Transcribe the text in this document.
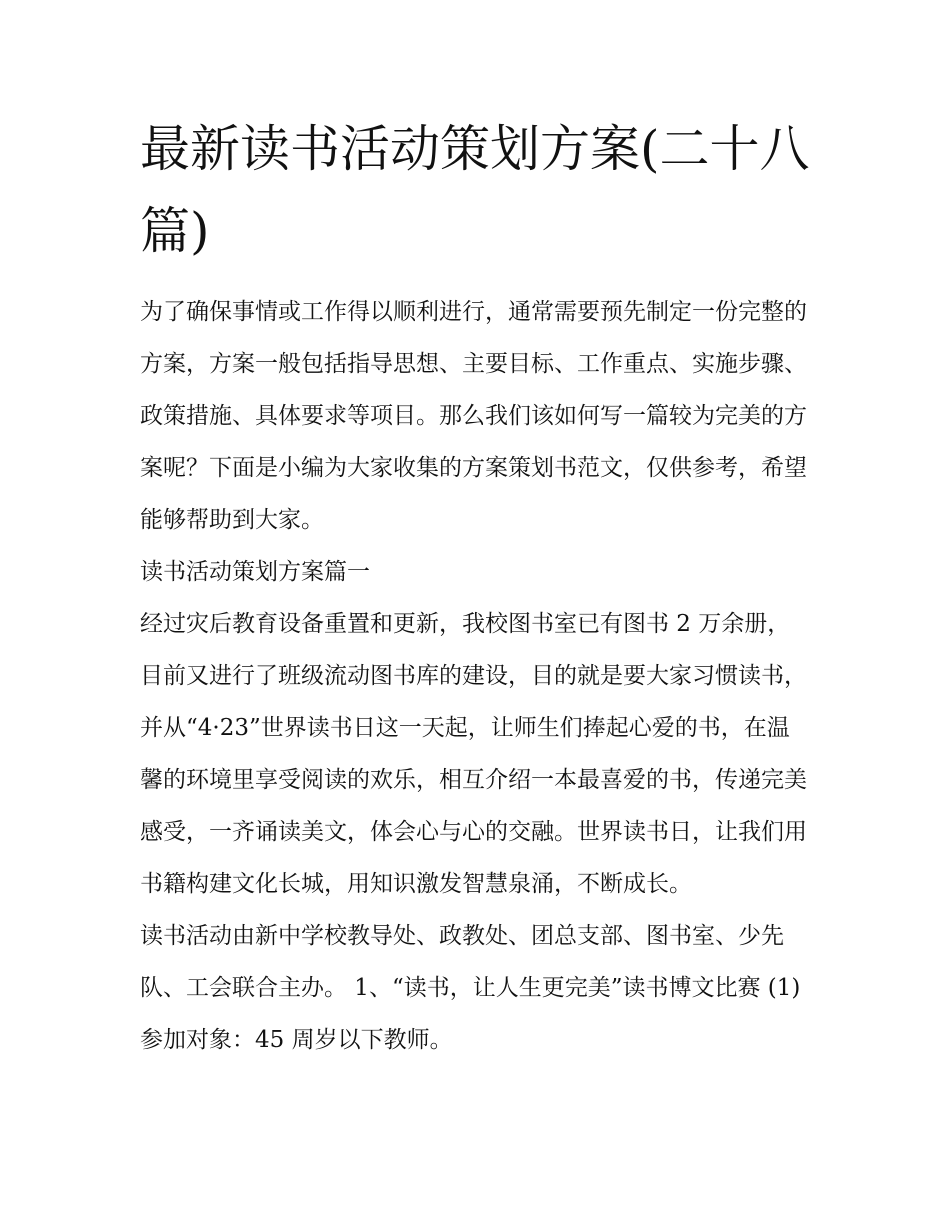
最新读书活动策划方案(二十八篇)

为了确保事情或工作得以顺利进行，通常需要预先制定一份完整的方案，方案一般包括指导思想、主要目标、工作重点、实施步骤、政策措施、具体要求等项目。那么我们该如何写一篇较为完美的方案呢？下面是小编为大家收集的方案策划书范文，仅供参考，希望能够帮助到大家。

读书活动策划方案篇一

经过灾后教育设备重置和更新，我校图书室已有图书 2 万余册，目前又进行了班级流动图书库的建设，目的就是要大家习惯读书，并从“4·23”世界读书日这一天起，让师生们捧起心爱的书，在温馨的环境里享受阅读的欢乐，相互介绍一本最喜爱的书，传递完美感受，一齐诵读美文，体会心与心的交融。世界读书日，让我们用书籍构建文化长城，用知识激发智慧泉涌，不断成长。

读书活动由新中学校教导处、政教处、团总支部、图书室、少先队、工会联合主办。 1、“读书，让人生更完美”读书博文比赛 (1)参加对象：45 周岁以下教师。
